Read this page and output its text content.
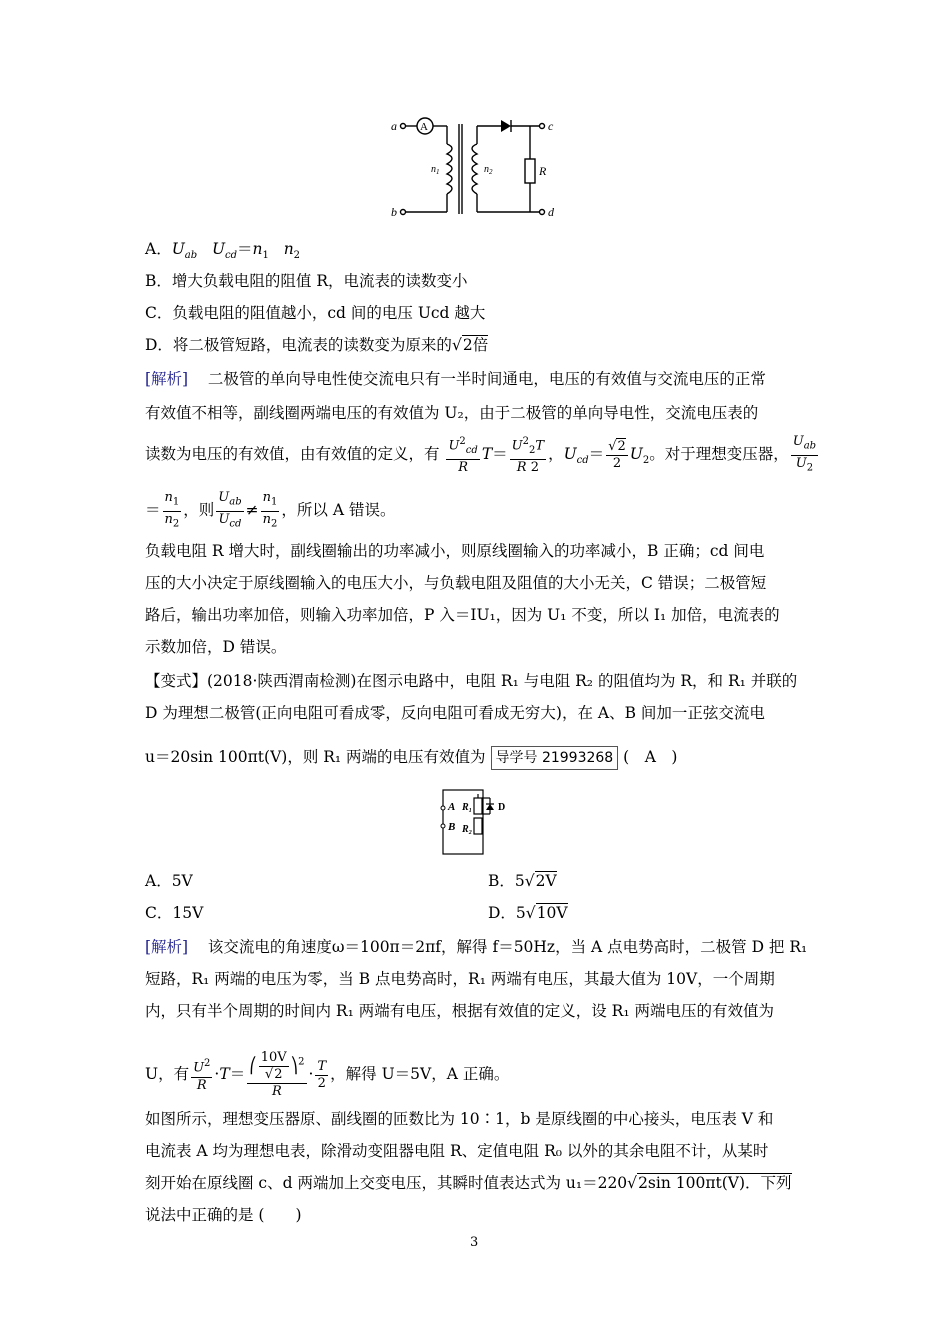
a
b
c
d
A
$n_1$	$n_2$	R
A．$U_{ab}$ $U_{cd}=n_1$ $n_2$
B．增大负载电阻的阻值 R，电流表的读数变小
C．负载电阻的阻值越小，cd 间的电压 Ucd 越大
D．将二极管短路，电流表的读数变为原来的√2倍
[解析] 二极管的单向导电性使交流电只有一半时间通电，电压的有效值与交流电压的正常
有效值不相等，副线圈两端电压的有效值为 U₂，由于二极管的单向导电性，交流电压表的
读数为电压的有效值，由有效值的定义，有 $\frac{U^2_{cd}}{R} T= \frac{U^2_2T}{R 2}$ ，$U_{cd}= \frac{√2}{2} U_2$。对于理想变压器， $\frac{U_{ab}}{U_2}$
＝ $\frac{n_1}{n_2}$ ，则 $\frac{U_{ab}}{U_{cd}} \ne \frac{n_1}{n_2}$ ，所以 A 错误。
负载电阻 R 增大时，副线圈输出的功率减小，则原线圈输入的功率减小，B 正确；cd 间电
压的大小决定于原线圈输入的电压大小，与负载电阻及阻值的大小无关，C 错误；二极管短
路后，输出功率加倍，则输入功率加倍，P 入＝IU₁，因为 U₁ 不变，所以 I₁ 加倍，电流表的
示数加倍，D 错误。
【变式】(2018·陕西渭南检测)在图示电路中，电阻 R₁ 与电阻 R₂ 的阻值均为 R，和 R₁ 并联的
D 为理想二极管(正向电阻可看成零，反向电阻可看成无穷大)，在 A、B 间加一正弦交流电
u＝20sin 100πt(V)，则 R₁ 两端的电压有效值为 导学号 21993268 (　A　)
A
B
R₁
R₂
D
A．5V	B．5√2V
C．15V	D．5√10V
[解析] 该交流电的角速度ω＝100π＝2πf，解得 f＝50Hz，当 A 点电势高时，二极管 D 把 R₁
短路，R₁ 两端的电压为零，当 B 点电势高时，R₁ 两端有电压，其最大值为 10V，一个周期
内，只有半个周期的时间内 R₁ 两端有电压，根据有效值的定义，设 R₁ 两端电压的有效值为
U，有 $\frac{U^2}{R} \cdot T= \frac{⎛ \frac{10V}{√2} ⎞^2}{R} \cdot \frac{T}{2}$ ，解得 U＝5V，A 正确。
如图所示，理想变压器原、副线圈的匝数比为 10∶1，b 是原线圈的中心接头，电压表 V 和
电流表 A 均为理想电表，除滑动变阻器电阻 R、定值电阻 R₀ 以外的其余电阻不计，从某时
刻开始在原线圈 c、d 两端加上交变电压，其瞬时值表达式为 u₁＝220√2sin 100πt(V)．下列
说法中正确的是 (　　)
3
